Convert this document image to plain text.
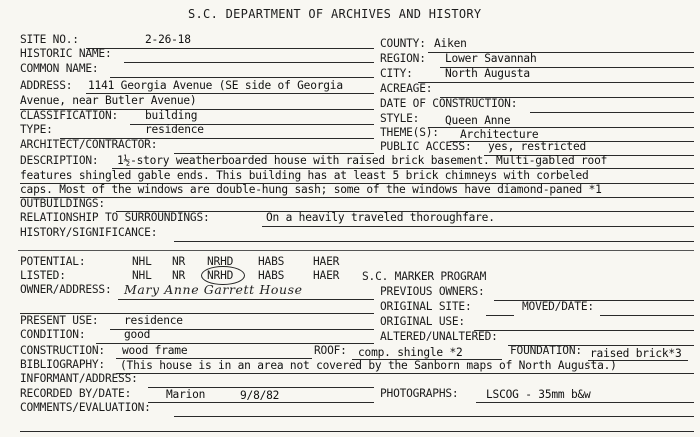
S.C. DEPARTMENT OF ARCHIVES AND HISTORY
SITE NO.:	2-26-18	COUNTY: Aiken
HISTORIC NAME:	REGION: Lower Savannah
COMMON NAME:	CITY:	North Augusta
ADDRESS: 1141 Georgia Avenue (SE side of Georgia	ACREAGE:
Avenue, near Butler Avenue)	DATE OF CONSTRUCTION:
CLASSIFICATION: building	STYLE: Queen Anne
TYPE:	residence	THEME(S): Architecture
ARCHITECT/CONTRACTOR:	PUBLIC ACCESS: yes, restricted
DESCRIPTION: 1½-story weatherboarded house with raised brick basement. Multi-gabled roof
features shingled gable ends. This building has at least 5 brick chimneys with corbeled
caps. Most of the windows are double-hung sash; some of the windows have diamond-paned *1
OUTBUILDINGS:
RELATIONSHIP TO SURROUNDINGS:	On a heavily traveled thoroughfare.
HISTORY/SIGNIFICANCE:
POTENTIAL:	NHL NR NRHD HABS	HAER
LISTED:	NHL NR NRHD HABS	HAER S.C. MARKER PROGRAM
OWNER/ADDRESS: Mary Anne Garrett House	PREVIOUS OWNERS:
ORIGINAL SITE:	MOVED/DATE:
PRESENT USE: residence	ORIGINAL USE:
CONDITION:	good	ALTERED/UNALTERED:
CONSTRUCTION: wood frame	ROOF: comp. shingle *2	FOUNDATION: raised brick*3
BIBLIOGRAPHY: (This house is in an area not covered by the Sanborn maps of North Augusta.)
INFORMANT/ADDRESS:
RECORDED BY/DATE:	Marion	9/8/82	PHOTOGRAPHS: LSCOG - 35mm b&w
COMMENTS/EVALUATION:
